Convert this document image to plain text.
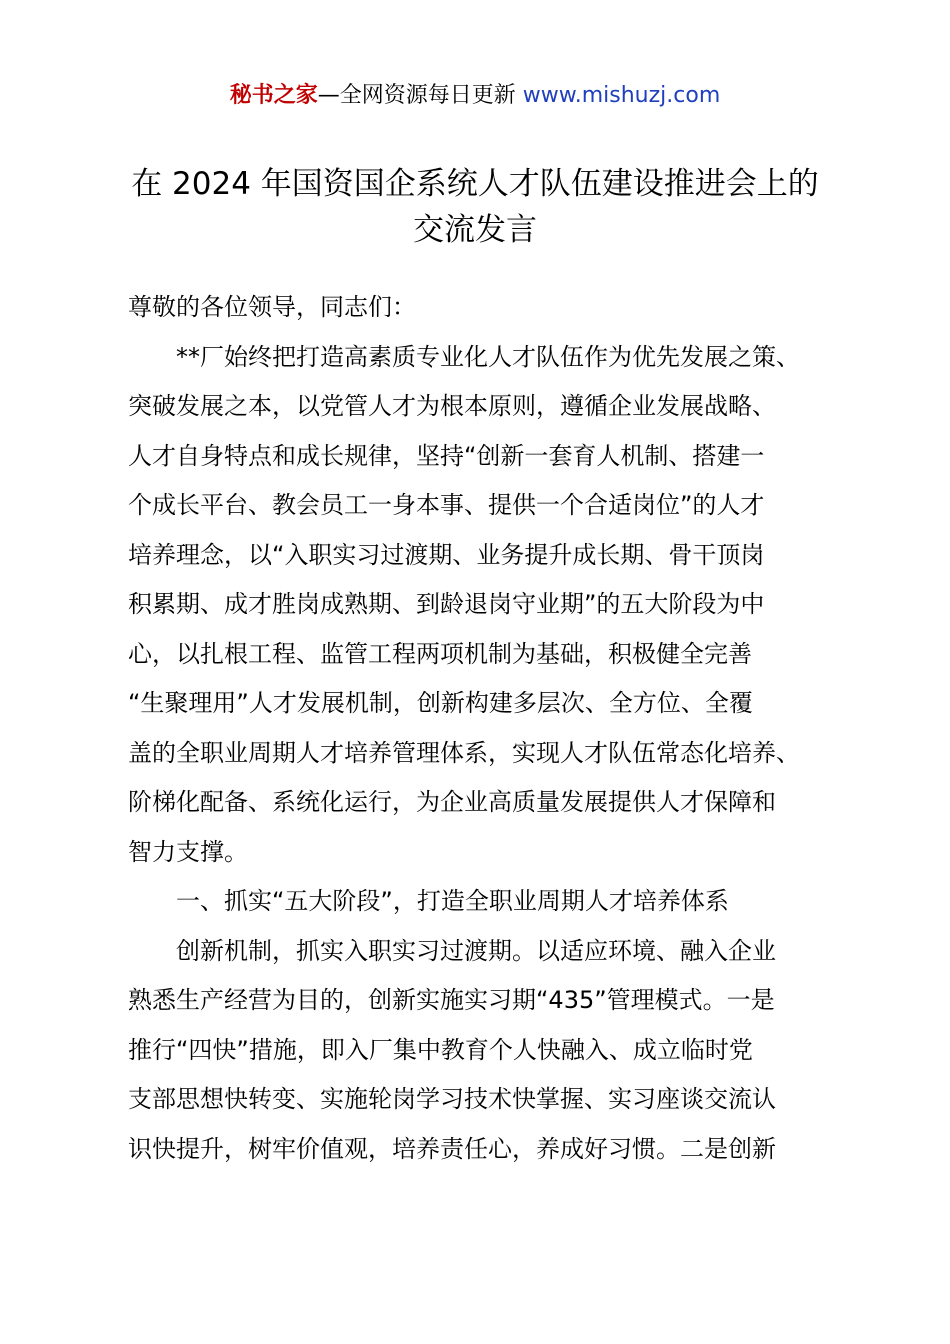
秘书之家—全网资源每日更新 www.mishuzj.com
在 2024 年国资国企系统人才队伍建设推进会上的
交流发言
尊敬的各位领导，同志们：
　　**厂始终把打造高素质专业化人才队伍作为优先发展之策、
突破发展之本，以党管人才为根本原则，遵循企业发展战略、
人才自身特点和成长规律，坚持“创新一套育人机制、搭建一
个成长平台、教会员工一身本事、提供一个合适岗位”的人才
培养理念，以“入职实习过渡期、业务提升成长期、骨干顶岗
积累期、成才胜岗成熟期、到龄退岗守业期”的五大阶段为中
心，以扎根工程、监管工程两项机制为基础，积极健全完善
“生聚理用”人才发展机制，创新构建多层次、全方位、全覆
盖的全职业周期人才培养管理体系，实现人才队伍常态化培养、
阶梯化配备、系统化运行，为企业高质量发展提供人才保障和
智力支撑。
　　一、抓实“五大阶段”，打造全职业周期人才培养体系
　　创新机制，抓实入职实习过渡期。以适应环境、融入企业
熟悉生产经营为目的，创新实施实习期“435”管理模式。一是
推行“四快”措施，即入厂集中教育个人快融入、成立临时党
支部思想快转变、实施轮岗学习技术快掌握、实习座谈交流认
识快提升，树牢价值观，培养责任心，养成好习惯。二是创新
